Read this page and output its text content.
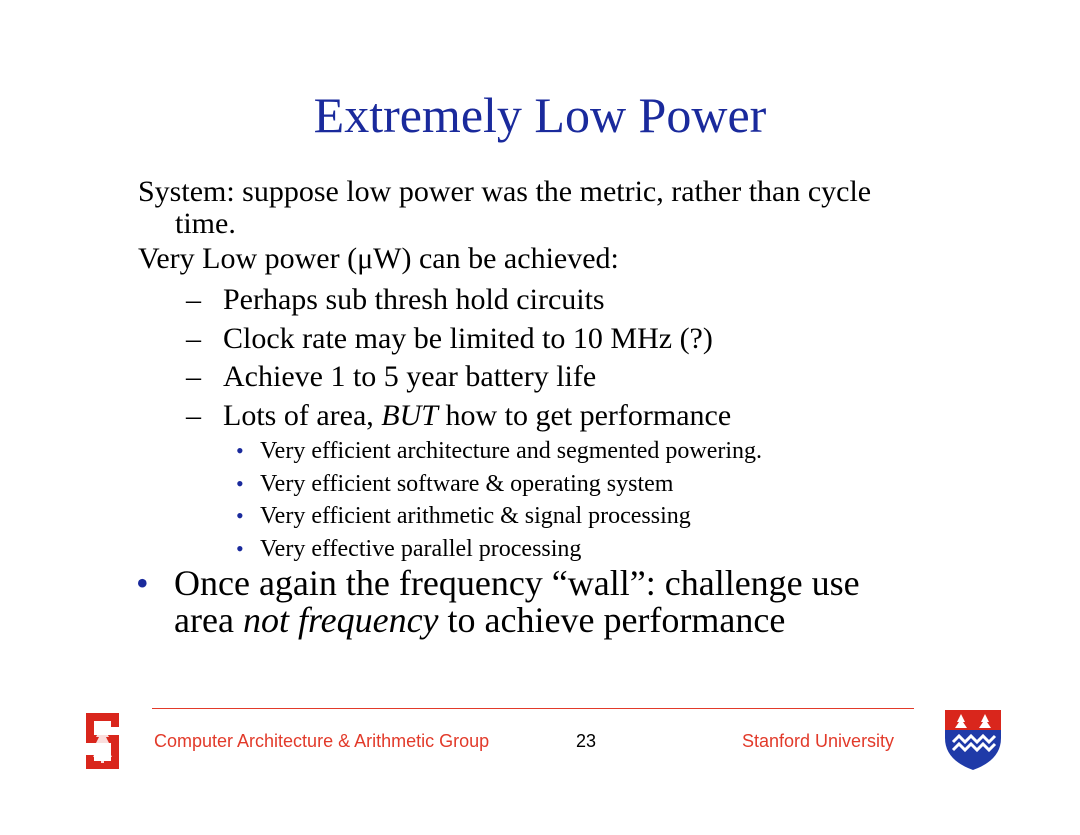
Extremely Low Power
System: suppose low power was the metric, rather than cycle
time.
Very Low power (μW) can be achieved:
– Perhaps sub thresh hold circuits
– Clock rate may be limited to 10 MHz (?)
– Achieve 1 to 5 year battery life
– Lots of area, BUT how to get performance
• Very efficient architecture and segmented powering.
• Very efficient software & operating system
• Very efficient arithmetic & signal processing
• Very effective parallel processing
• Once again the frequency “wall”: challenge use
area not frequency to achieve performance
Computer Architecture & Arithmetic Group	23	Stanford University
